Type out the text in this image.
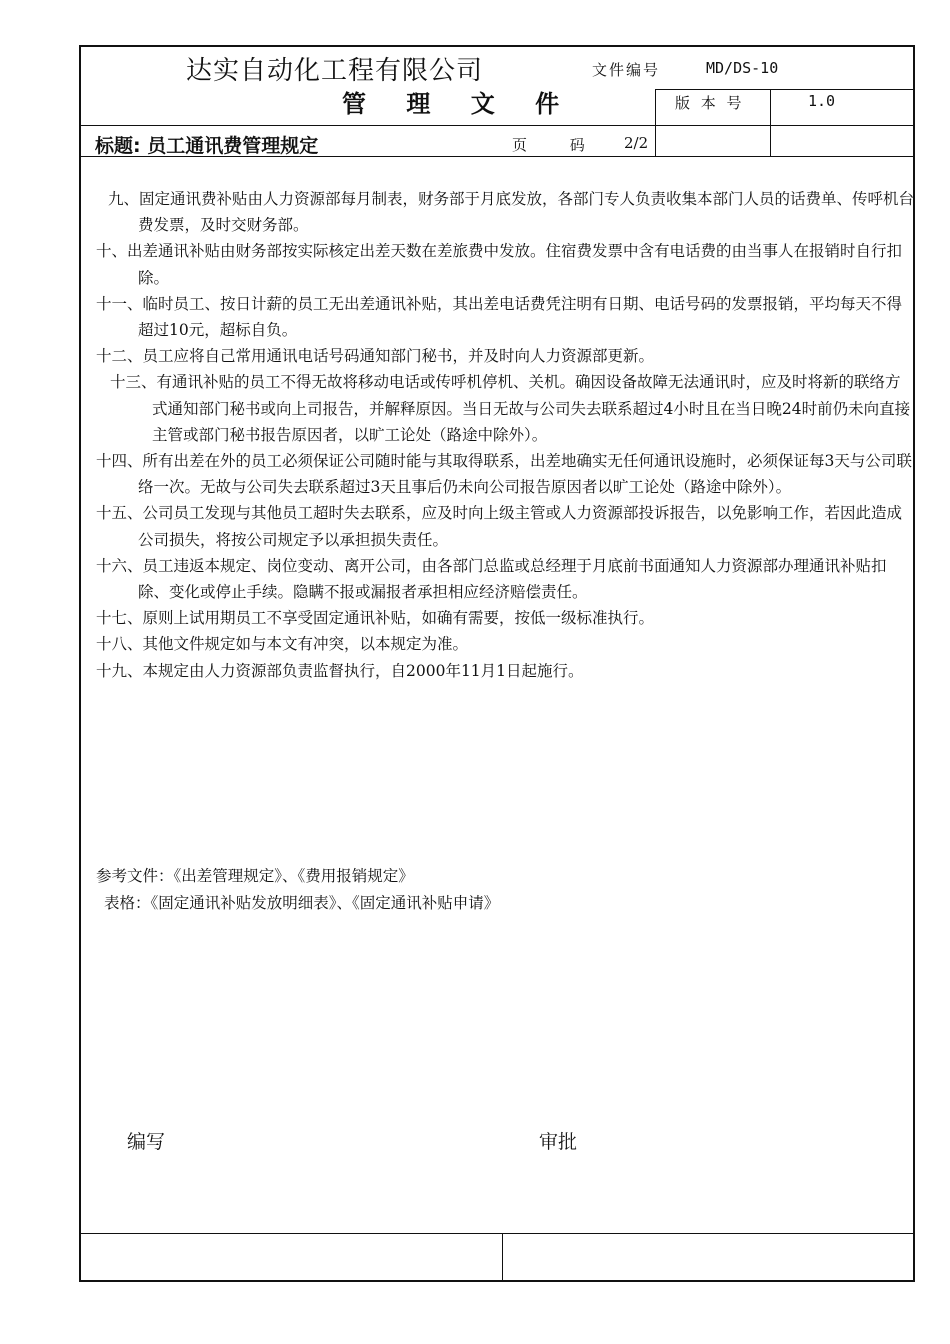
达实自动化工程有限公司
管 理 文 件
文件编号	MD/DS-10
版 本 号	1.0
标题: 员工通讯费管理规定	页 码	2/2
九、固定通讯费补贴由人力资源部每月制表，财务部于月底发放，各部门专人负责收集本部门人员的话费单、传呼机台费发票，及时交财务部。
十、出差通讯补贴由财务部按实际核定出差天数在差旅费中发放。住宿费发票中含有电话费的由当事人在报销时自行扣除。
十一、临时员工、按日计薪的员工无出差通讯补贴，其出差电话费凭注明有日期、电话号码的发票报销，平均每天不得超过10元，超标自负。
十二、员工应将自己常用通讯电话号码通知部门秘书，并及时向人力资源部更新。
十三、有通讯补贴的员工不得无故将移动电话或传呼机停机、关机。确因设备故障无法通讯时，应及时将新的联络方式通知部门秘书或向上司报告，并解释原因。当日无故与公司失去联系超过4小时且在当日晚24时前仍未向直接主管或部门秘书报告原因者，以旷工论处（路途中除外）。
十四、所有出差在外的员工必须保证公司随时能与其取得联系，出差地确实无任何通讯设施时，必须保证每3天与公司联络一次。无故与公司失去联系超过3天且事后仍未向公司报告原因者以旷工论处（路途中除外）。
十五、公司员工发现与其他员工超时失去联系，应及时向上级主管或人力资源部投诉报告，以免影响工作，若因此造成公司损失，将按公司规定予以承担损失责任。
十六、员工违返本规定、岗位变动、离开公司，由各部门总监或总经理于月底前书面通知人力资源部办理通讯补贴扣除、变化或停止手续。隐瞒不报或漏报者承担相应经济赔偿责任。
十七、原则上试用期员工不享受固定通讯补贴，如确有需要，按低一级标准执行。
十八、其他文件规定如与本文有冲突，以本规定为准。
十九、本规定由人力资源部负责监督执行，自2000年11月1日起施行。
参考文件：《出差管理规定》、《费用报销规定》
表格：《固定通讯补贴发放明细表》、《固定通讯补贴申请》
编写	审批
